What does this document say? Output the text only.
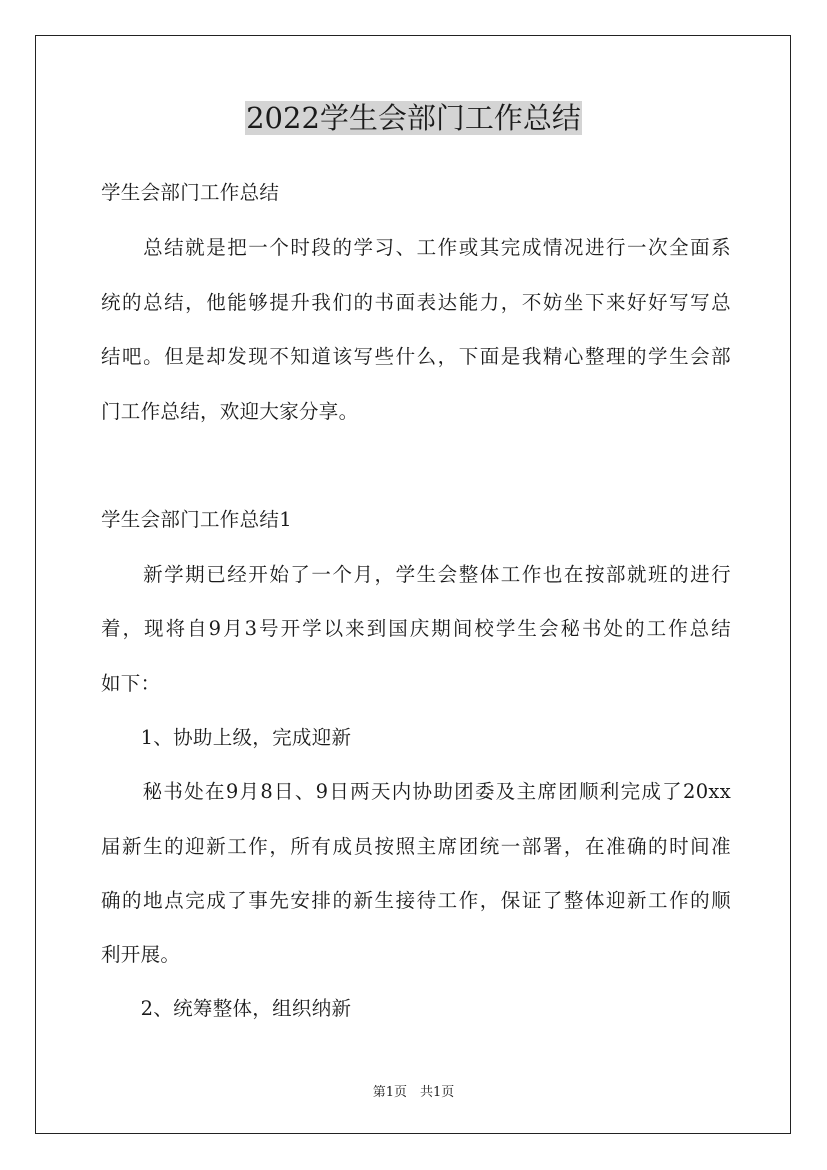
2022学生会部门工作总结

学生会部门工作总结

　　总结就是把一个时段的学习、工作或其完成情况进行一次全面系

统的总结，他能够提升我们的书面表达能力，不妨坐下来好好写写总

结吧。但是却发现不知道该写些什么，下面是我精心整理的学生会部

门工作总结，欢迎大家分享。

学生会部门工作总结1

　　新学期已经开始了一个月，学生会整体工作也在按部就班的进行

着，现将自9月3号开学以来到国庆期间校学生会秘书处的工作总结

如下：

　　1、协助上级，完成迎新

　　秘书处在9月8日、9日两天内协助团委及主席团顺利完成了20xx

届新生的迎新工作，所有成员按照主席团统一部署，在准确的时间准

确的地点完成了事先安排的新生接待工作，保证了整体迎新工作的顺

利开展。

　　2、统筹整体，组织纳新

第1页　共1页
